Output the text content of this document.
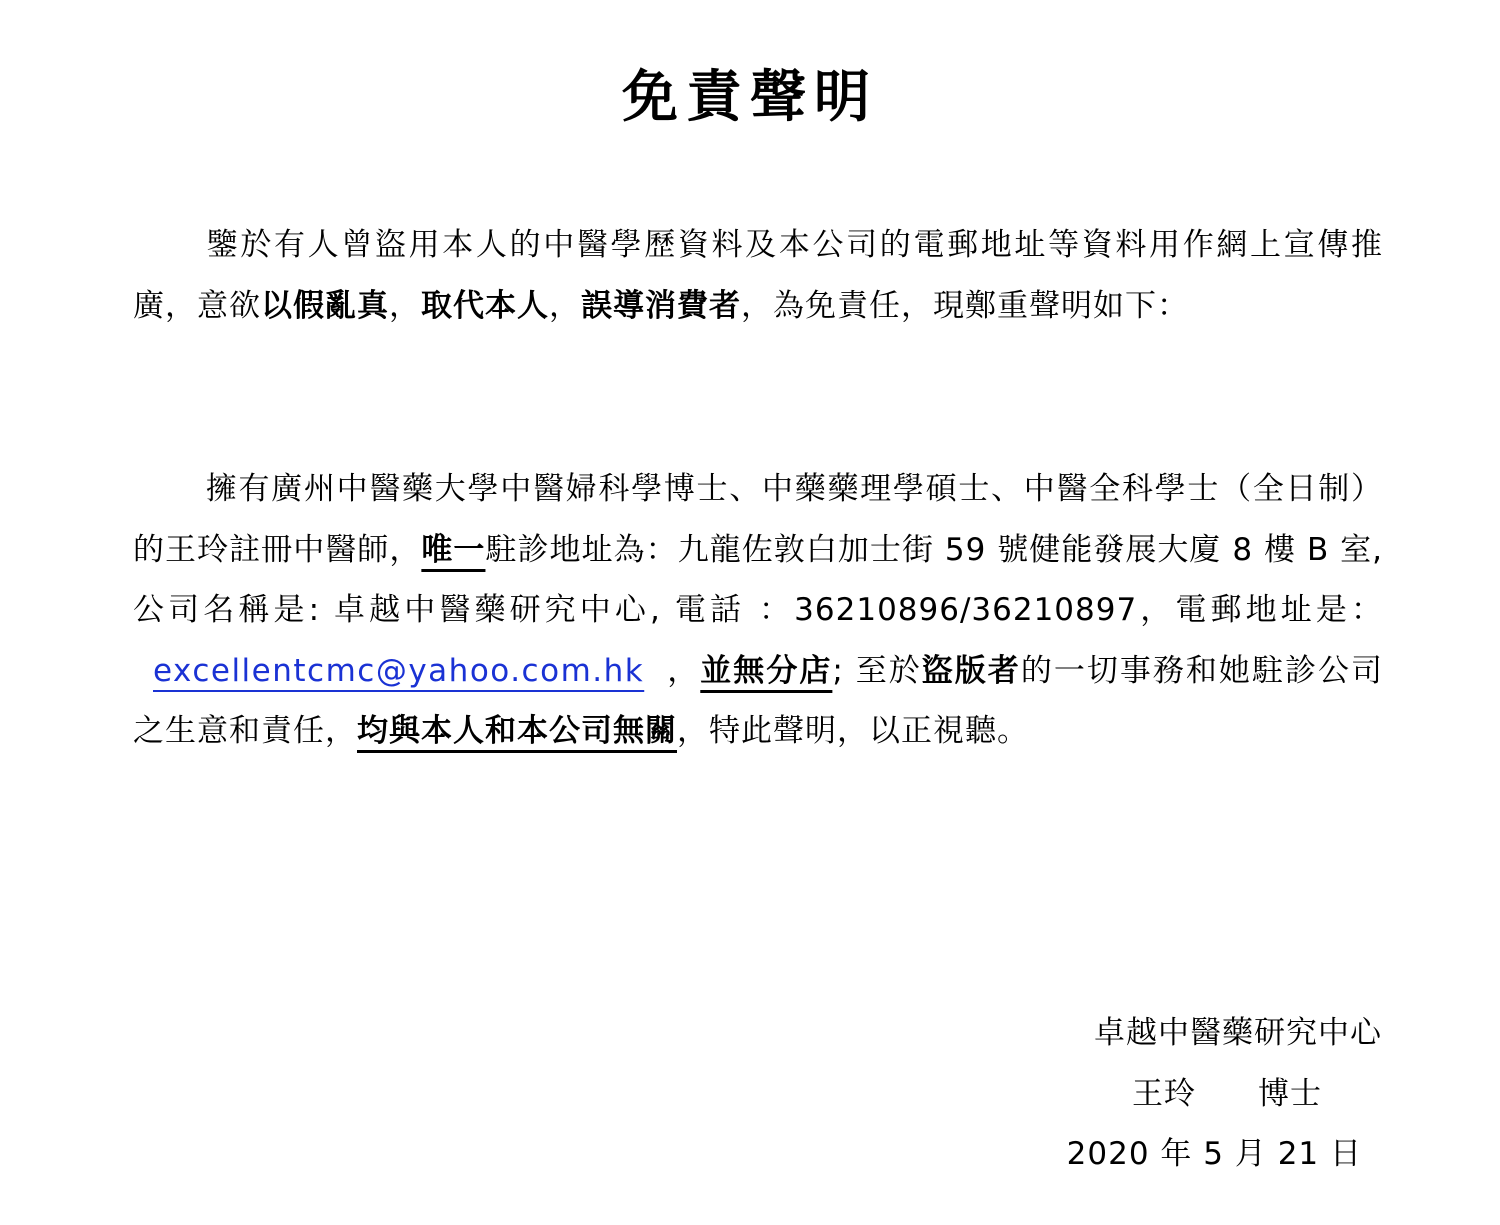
免責聲明
鑒於有人曾盜用本人的中醫學歷資料及本公司的電郵地址等資料用作網上宣傳推廣，意欲以假亂真，取代本人，誤導消費者，為免責任，現鄭重聲明如下：
擁有廣州中醫藥大學中醫婦科學博士、中藥藥理學碩士、中醫全科學士（全日制）的王玲註冊中醫師，唯一駐診地址為：九龍佐敦白加士街 59 號健能發展大廈 8 樓 B 室, 公司名稱是: 卓越中醫藥研究中心, 電話 ：36210896/36210897，電郵地址是：excellentcmc@yahoo.com.hk ，並無分店; 至於盜版者的一切事務和她駐診公司之生意和責任，均與本人和本公司無關，特此聲明，以正視聽。
卓越中醫藥研究中心
王玲 博士
2020 年 5 月 21 日
